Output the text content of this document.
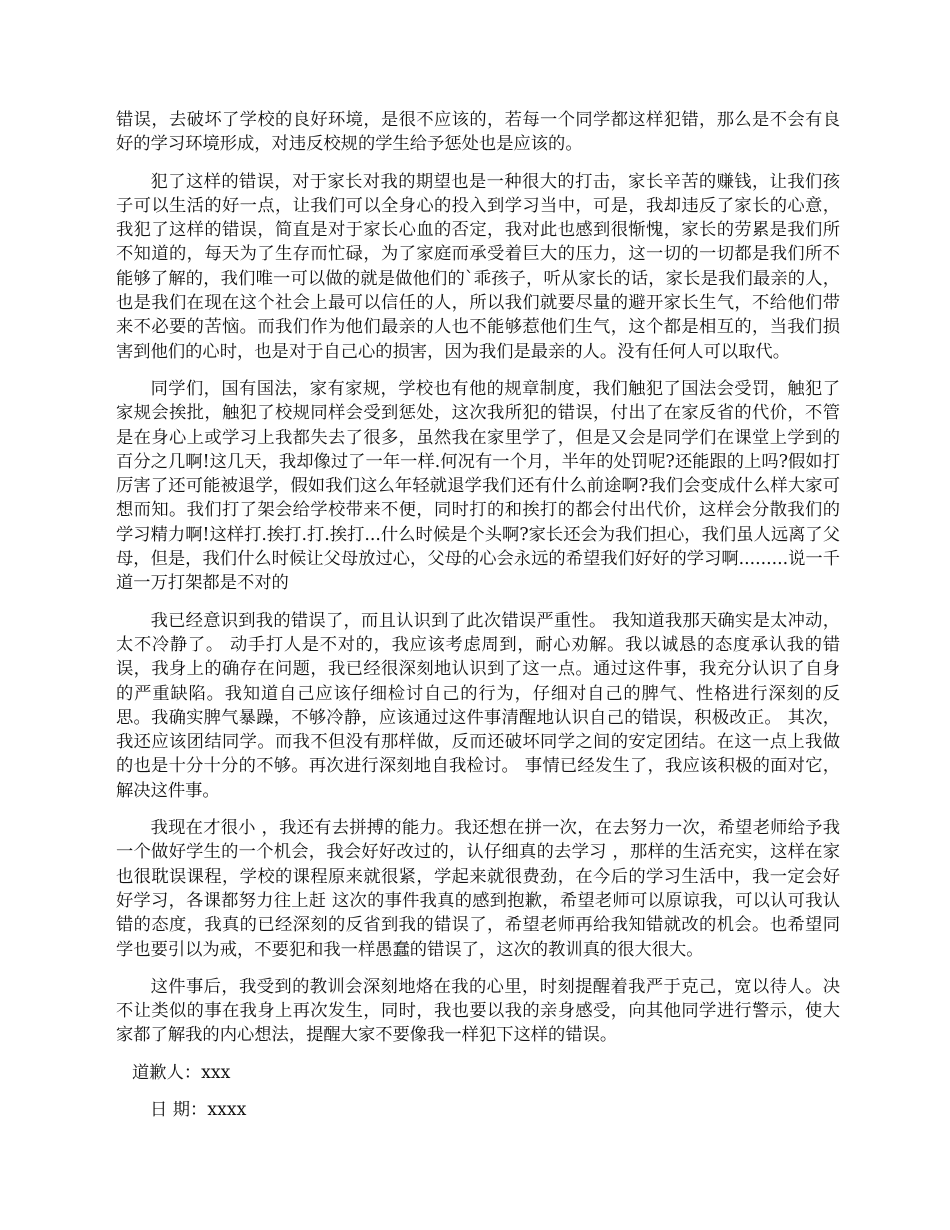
错误，去破坏了学校的良好环境，是很不应该的，若每一个同学都这样犯错，那么是不会有良好的学习环境形成，对违反校规的学生给予惩处也是应该的。

犯了这样的错误，对于家长对我的期望也是一种很大的打击，家长辛苦的赚钱，让我们孩子可以生活的好一点，让我们可以全身心的投入到学习当中，可是，我却违反了家长的心意，我犯了这样的错误，简直是对于家长心血的否定，我对此也感到很惭愧，家长的劳累是我们所不知道的，每天为了生存而忙碌，为了家庭而承受着巨大的压力，这一切的一切都是我们所不能够了解的，我们唯一可以做的就是做他们的`乖孩子，听从家长的话，家长是我们最亲的人，也是我们在现在这个社会上最可以信任的人，所以我们就要尽量的避开家长生气，不给他们带来不必要的苦恼。而我们作为他们最亲的人也不能够惹他们生气，这个都是相互的，当我们损害到他们的心时，也是对于自己心的损害，因为我们是最亲的人。没有任何人可以取代。

同学们，国有国法，家有家规，学校也有他的规章制度，我们触犯了国法会受罚，触犯了家规会挨批，触犯了校规同样会受到惩处，这次我所犯的错误，付出了在家反省的代价，不管是在身心上或学习上我都失去了很多，虽然我在家里学了，但是又会是同学们在课堂上学到的百分之几啊!这几天，我却像过了一年一样.何况有一个月，半年的处罚呢?还能跟的上吗?假如打厉害了还可能被退学，假如我们这么年轻就退学我们还有什么前途啊?我们会变成什么样大家可想而知。我们打了架会给学校带来不便，同时打的和挨打的都会付出代价，这样会分散我们的学习精力啊!这样打.挨打.打.挨打...什么时候是个头啊?家长还会为我们担心，我们虽人远离了父母，但是，我们什么时候让父母放过心，父母的心会永远的希望我们好好的学习啊.........说一千道一万打架都是不对的

我已经意识到我的错误了，而且认识到了此次错误严重性。 我知道我那天确实是太冲动，太不冷静了。 动手打人是不对的，我应该考虑周到，耐心劝解。我以诚恳的态度承认我的错误，我身上的确存在问题，我已经很深刻地认识到了这一点。通过这件事，我充分认识了自身的严重缺陷。我知道自己应该仔细检讨自己的行为，仔细对自己的脾气、性格进行深刻的反思。我确实脾气暴躁，不够冷静，应该通过这件事清醒地认识自己的错误，积极改正。 其次，我还应该团结同学。而我不但没有那样做，反而还破坏同学之间的安定团结。在这一点上我做的也是十分十分的不够。再次进行深刻地自我检讨。 事情已经发生了，我应该积极的面对它，解决这件事。

我现在才很小 ，我还有去拼搏的能力。我还想在拼一次，在去努力一次，希望老师给予我一个做好学生的一个机会，我会好好改过的，认仔细真的去学习 ，那样的生活充实，这样在家也很耽误课程，学校的课程原来就很紧，学起来就很费劲，在今后的学习生活中，我一定会好好学习，各课都努力往上赶 这次的事件我真的感到抱歉，希望老师可以原谅我，可以认可我认错的态度，我真的已经深刻的反省到我的错误了，希望老师再给我知错就改的机会。也希望同学也要引以为戒，不要犯和我一样愚蠢的错误了，这次的教训真的很大很大。

这件事后，我受到的教训会深刻地烙在我的心里，时刻提醒着我严于克己，宽以待人。决不让类似的事在我身上再次发生，同时，我也要以我的亲身感受，向其他同学进行警示，使大家都了解我的内心想法，提醒大家不要像我一样犯下这样的错误。

道歉人：xxx

日 期：xxxx
